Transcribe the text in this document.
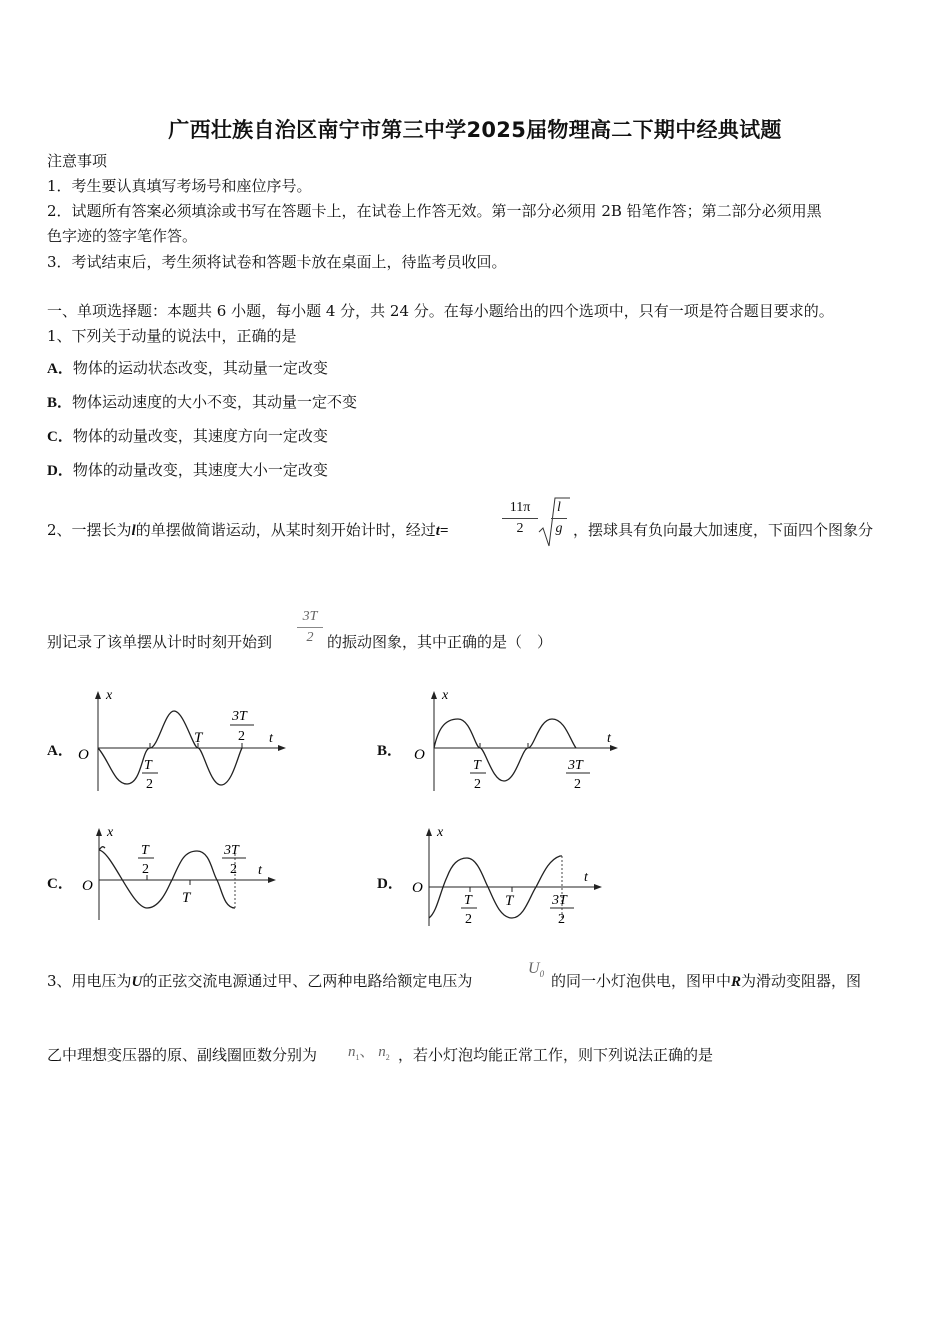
广西壮族自治区南宁市第三中学2025届物理高二下期中经典试题
注意事项
1．考生要认真填写考场号和座位序号。
2．试题所有答案必须填涂或书写在答题卡上，在试卷上作答无效。第一部分必须用 2B 铅笔作答；第二部分必须用黑
色字迹的签字笔作答。
3．考试结束后，考生须将试卷和答题卡放在桌面上，待监考员收回。
一、单项选择题：本题共 6 小题，每小题 4 分，共 24 分。在每小题给出的四个选项中，只有一项是符合题目要求的。
1、下列关于动量的说法中，正确的是
A．物体的运动状态改变，其动量一定改变
B．物体运动速度的大小不变，其动量一定不变
C．物体的动量改变，其速度方向一定改变
D．物体的动量改变，其速度大小一定改变
2、一摆长为l的单摆做简谐运动，从某时刻开始计时，经过t=	$\frac{11\pi}{2} \frac{l}{g}$ ，摆球具有负向最大加速度，下面四个图象分
别记录了该单摆从计时时刻开始到 $\frac{3T}{2}$ 的振动图象，其中正确的是（　）
A．
x
t
O
T
T
2
3T
2
B．
x
t
O
T
2
3T
2
C．
x
t
O
T
T
2
3T
2
D．
x
t
O
T
T
2
3T
2
3、用电压为U的正弦交流电源通过甲、乙两种电路给额定电压为
$U_0$ 的同一小灯泡供电，图甲中R为滑动变阻器，图
乙中理想变压器的原、副线圈匝数分别为 $n_1$、 $n_2$ ，若小灯泡均能正常工作，则下列说法正确的是
